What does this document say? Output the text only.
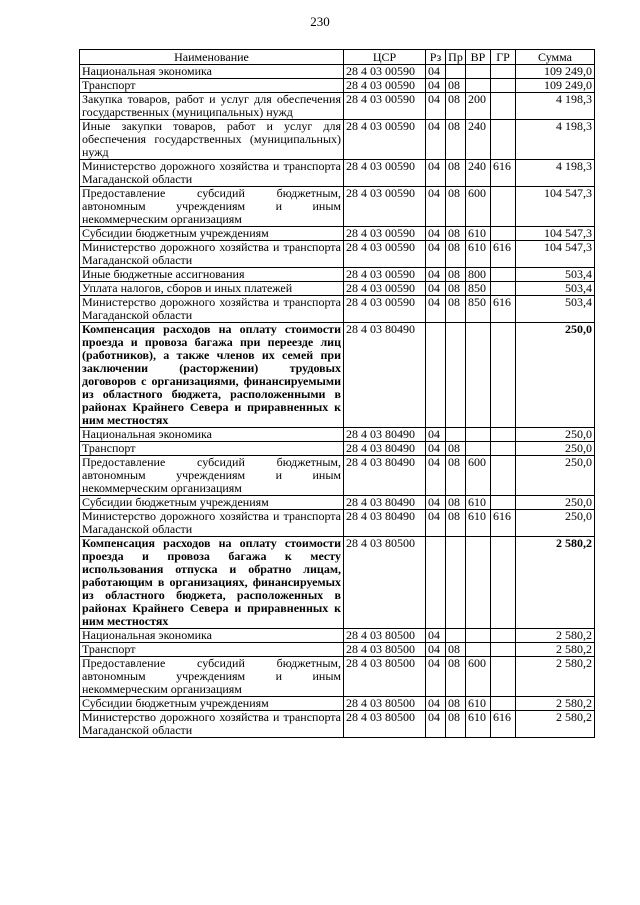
230
Наименование	ЦСР	Рз	Пр	ВР	ГР	Сумма
Национальная экономика	28 4 03 00590	04				109 249,0
Транспорт	28 4 03 00590	04	08			109 249,0
Закупка товаров, работ и услуг для обеспечения государственных (муниципальных) нужд	28 4 03 00590	04	08	200		4 198,3
Иные закупки товаров, работ и услуг для обеспечения государственных (муниципальных) нужд	28 4 03 00590	04	08	240		4 198,3
Министерство дорожного хозяйства и транспорта Магаданской области	28 4 03 00590	04	08	240	616	4 198,3
Предоставление субсидий бюджетным, автономным учреждениям и иным некоммерческим организациям	28 4 03 00590	04	08	600		104 547,3
Субсидии бюджетным учреждениям	28 4 03 00590	04	08	610		104 547,3
Министерство дорожного хозяйства и транспорта Магаданской области	28 4 03 00590	04	08	610	616	104 547,3
Иные бюджетные ассигнования	28 4 03 00590	04	08	800		503,4
Уплата налогов, сборов и иных платежей	28 4 03 00590	04	08	850		503,4
Министерство дорожного хозяйства и транспорта Магаданской области	28 4 03 00590	04	08	850	616	503,4
Компенсация расходов на оплату стоимости проезда и провоза багажа при переезде лиц (работников), а также членов их семей при заключении (расторжении) трудовых договоров с организациями, финансируемыми из областного бюджета, расположенными в районах Крайнего Севера и приравненных к ним местностях	28 4 03 80490					250,0
Национальная экономика	28 4 03 80490	04				250,0
Транспорт	28 4 03 80490	04	08			250,0
Предоставление субсидий бюджетным, автономным учреждениям и иным некоммерческим организациям	28 4 03 80490	04	08	600		250,0
Субсидии бюджетным учреждениям	28 4 03 80490	04	08	610		250,0
Министерство дорожного хозяйства и транспорта Магаданской области	28 4 03 80490	04	08	610	616	250,0
Компенсация расходов на оплату стоимости проезда и провоза багажа к месту использования отпуска и обратно лицам, работающим в организациях, финансируемых из областного бюджета, расположенных в районах Крайнего Севера и приравненных к ним местностях	28 4 03 80500					2 580,2
Национальная экономика	28 4 03 80500	04				2 580,2
Транспорт	28 4 03 80500	04	08			2 580,2
Предоставление субсидий бюджетным, автономным учреждениям и иным некоммерческим организациям	28 4 03 80500	04	08	600		2 580,2
Субсидии бюджетным учреждениям	28 4 03 80500	04	08	610		2 580,2
Министерство дорожного хозяйства и транспорта Магаданской области	28 4 03 80500	04	08	610	616	2 580,2
